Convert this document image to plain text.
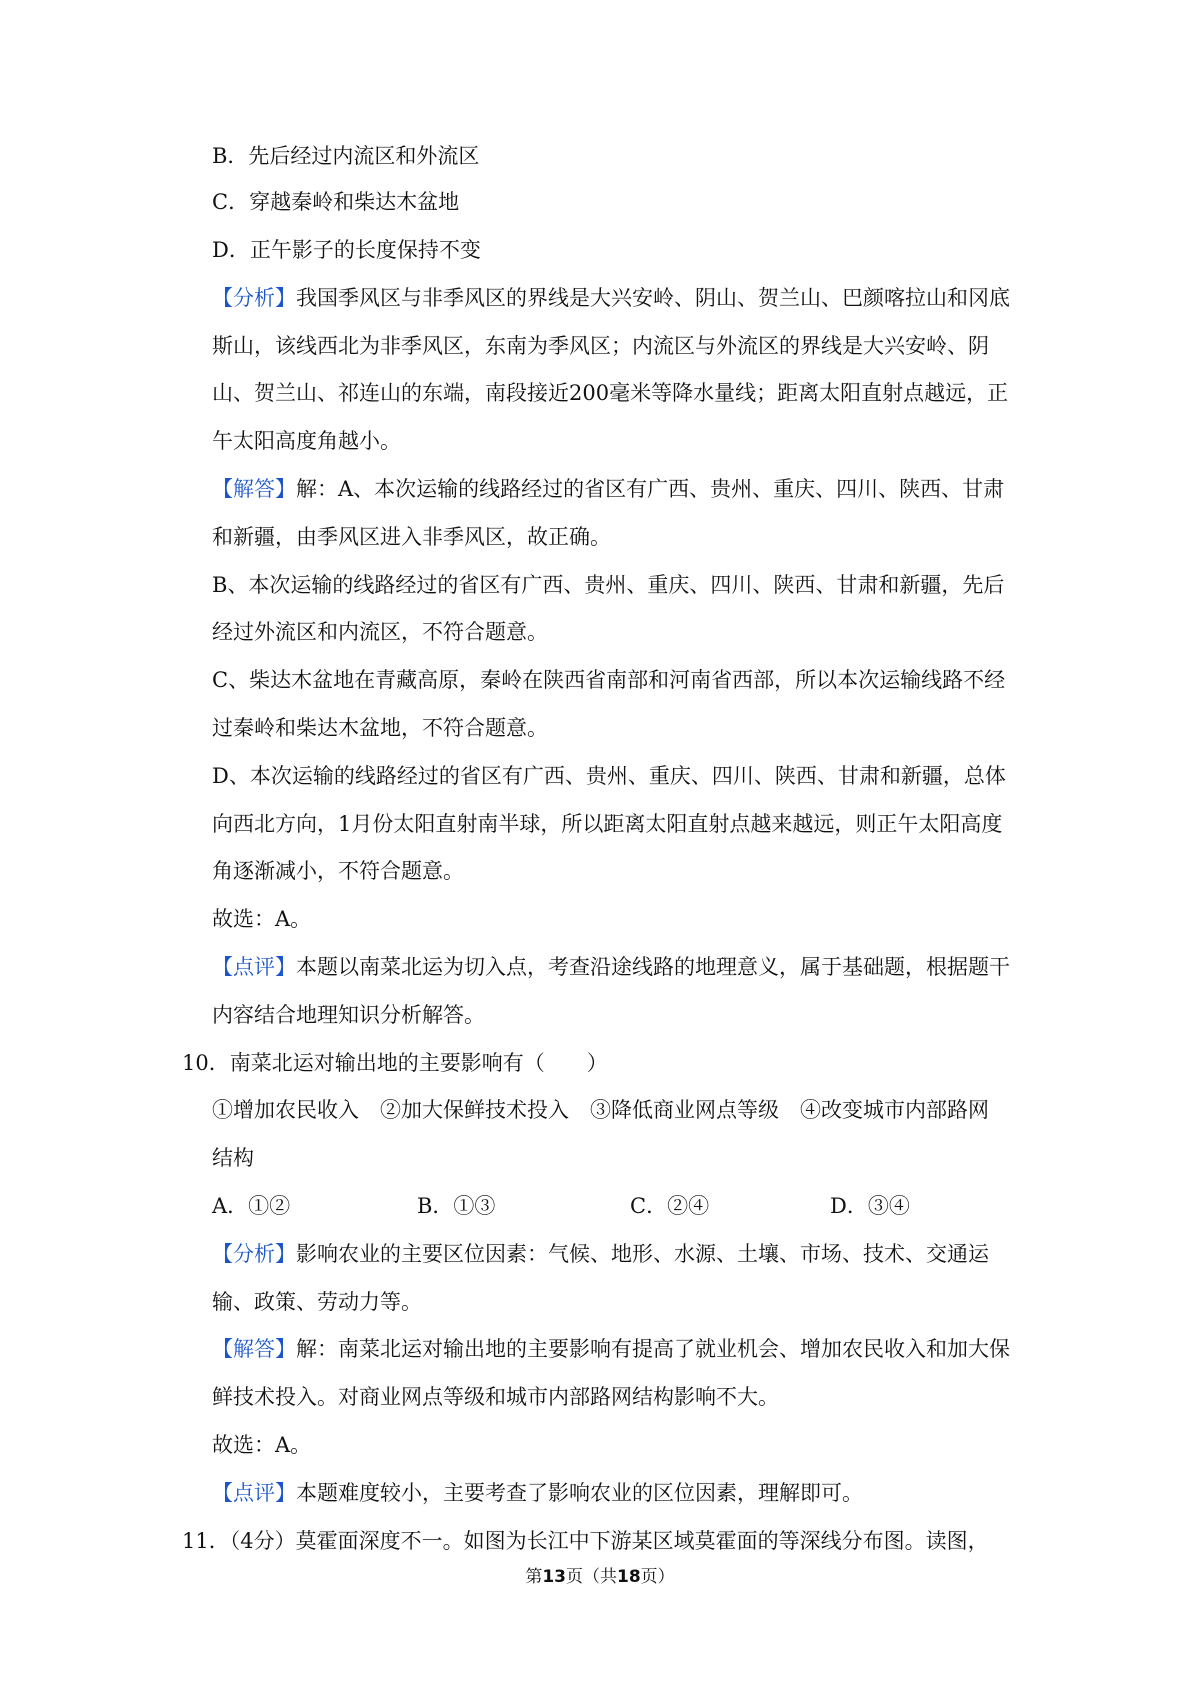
B．先后经过内流区和外流区
C．穿越秦岭和柴达木盆地
D．正午影子的长度保持不变
【分析】我国季风区与非季风区的界线是大兴安岭、阴山、贺兰山、巴颜喀拉山和冈底
斯山，该线西北为非季风区，东南为季风区；内流区与外流区的界线是大兴安岭、阴
山、贺兰山、祁连山的东端，南段接近200毫米等降水量线；距离太阳直射点越远，正
午太阳高度角越小。
【解答】解：A、本次运输的线路经过的省区有广西、贵州、重庆、四川、陕西、甘肃
和新疆，由季风区进入非季风区，故正确。
B、本次运输的线路经过的省区有广西、贵州、重庆、四川、陕西、甘肃和新疆，先后
经过外流区和内流区，不符合题意。
C、柴达木盆地在青藏高原，秦岭在陕西省南部和河南省西部，所以本次运输线路不经
过秦岭和柴达木盆地，不符合题意。
D、本次运输的线路经过的省区有广西、贵州、重庆、四川、陕西、甘肃和新疆，总体
向西北方向，1月份太阳直射南半球，所以距离太阳直射点越来越远，则正午太阳高度
角逐渐减小，不符合题意。
故选：A。
【点评】本题以南菜北运为切入点，考查沿途线路的地理意义，属于基础题，根据题干
内容结合地理知识分析解答。
10．南菜北运对输出地的主要影响有（　　）
①增加农民收入　②加大保鲜技术投入　③降低商业网点等级　④改变城市内部路网
结构
A．①②	B．①③	C．②④	D．③④
【分析】影响农业的主要区位因素：气候、地形、水源、土壤、市场、技术、交通运
输、政策、劳动力等。
【解答】解：南菜北运对输出地的主要影响有提高了就业机会、增加农民收入和加大保
鲜技术投入。对商业网点等级和城市内部路网结构影响不大。
故选：A。
【点评】本题难度较小，主要考查了影响农业的区位因素，理解即可。
11．（4分）莫霍面深度不一。如图为长江中下游某区域莫霍面的等深线分布图。读图，
第13页（共18页）
